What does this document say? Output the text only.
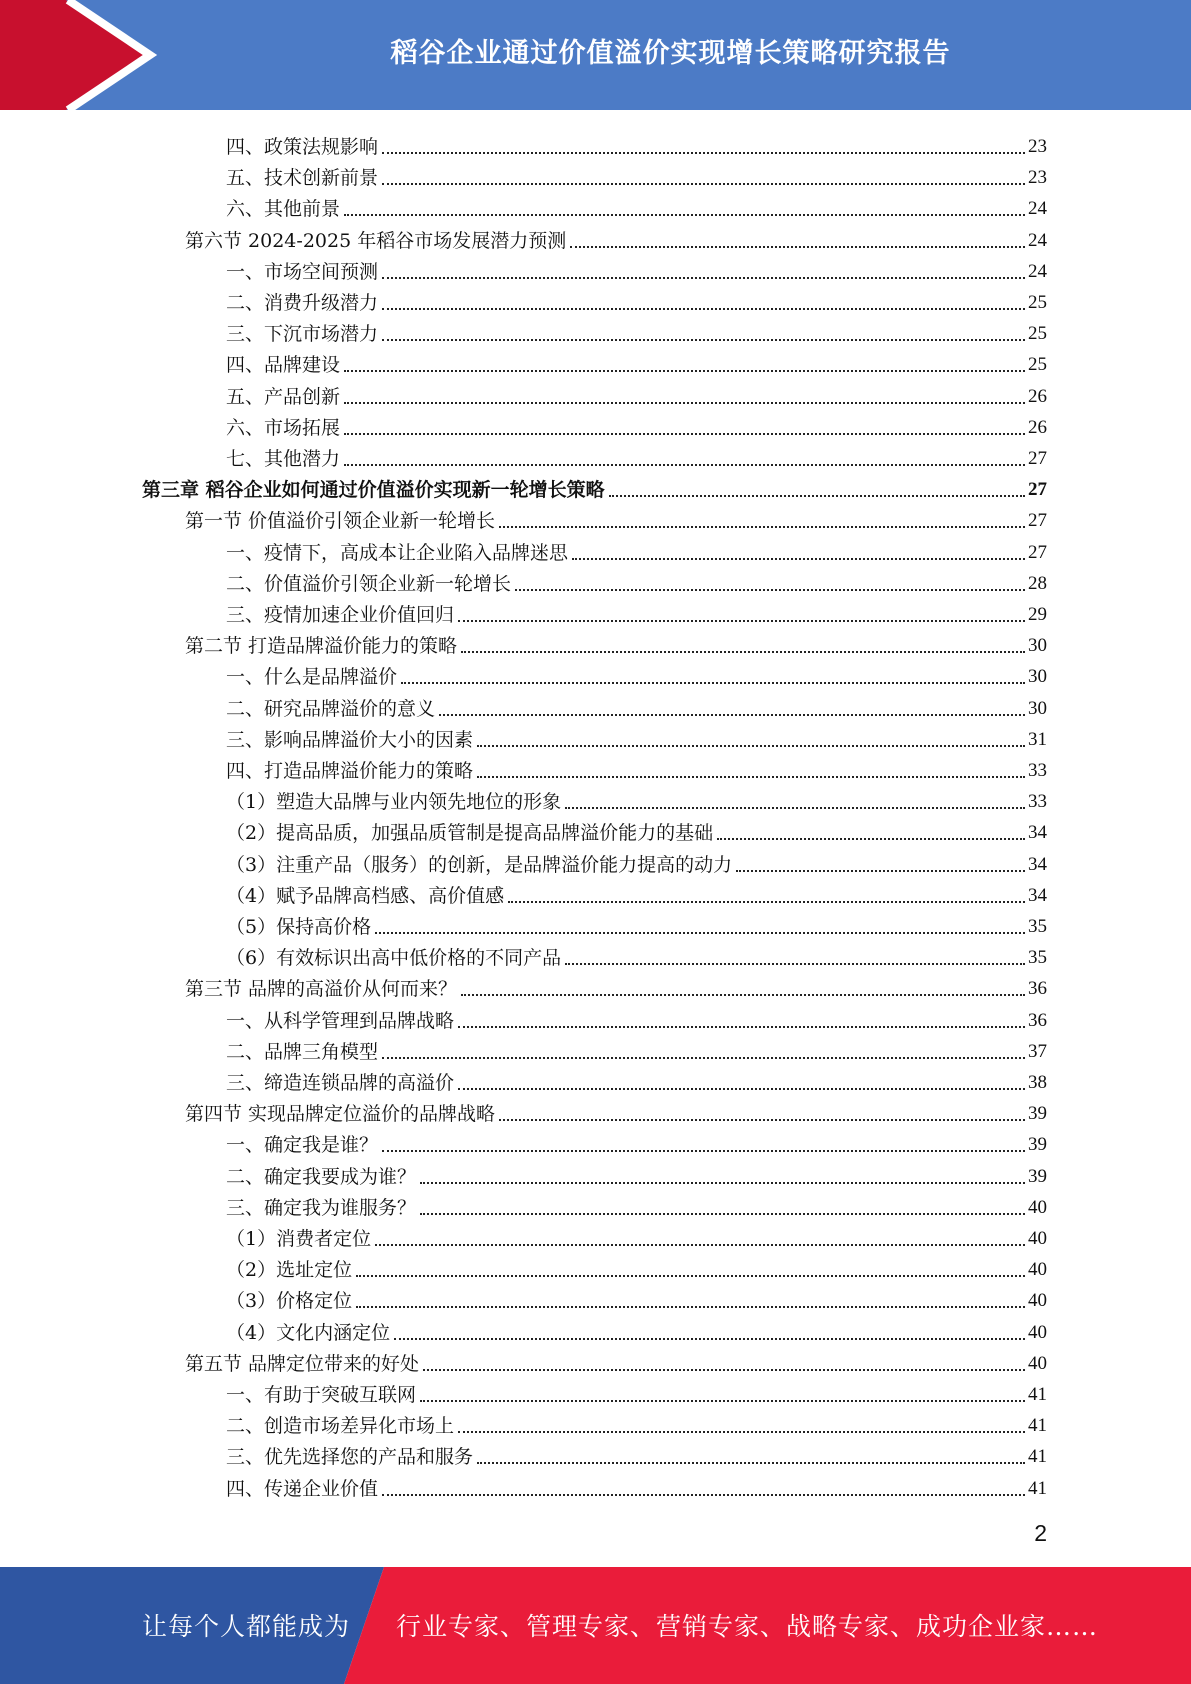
稻谷企业通过价值溢价实现增长策略研究报告
四、政策法规影响	23
五、技术创新前景	23
六、其他前景	24
第六节 2024-2025 年稻谷市场发展潜力预测	24
一、市场空间预测	24
二、消费升级潜力	25
三、下沉市场潜力	25
四、品牌建设	25
五、产品创新	26
六、市场拓展	26
七、其他潜力	27
第三章 稻谷企业如何通过价值溢价实现新一轮增长策略	27
第一节 价值溢价引领企业新一轮增长	27
一、疫情下，高成本让企业陷入品牌迷思	27
二、价值溢价引领企业新一轮增长	28
三、疫情加速企业价值回归	29
第二节 打造品牌溢价能力的策略	30
一、什么是品牌溢价	30
二、研究品牌溢价的意义	30
三、影响品牌溢价大小的因素	31
四、打造品牌溢价能力的策略	33
（1）塑造大品牌与业内领先地位的形象	33
（2）提高品质，加强品质管制是提高品牌溢价能力的基础	34
（3）注重产品（服务）的创新，是品牌溢价能力提高的动力	34
（4）赋予品牌高档感、高价值感	34
（5）保持高价格	35
（6）有效标识出高中低价格的不同产品	35
第三节 品牌的高溢价从何而来？	36
一、从科学管理到品牌战略	36
二、品牌三角模型	37
三、缔造连锁品牌的高溢价	38
第四节 实现品牌定位溢价的品牌战略	39
一、确定我是谁？	39
二、确定我要成为谁？	39
三、确定我为谁服务？	40
（1）消费者定位	40
（2）选址定位	40
（3）价格定位	40
（4）文化内涵定位	40
第五节 品牌定位带来的好处	40
一、有助于突破互联网	41
二、创造市场差异化市场上	41
三、优先选择您的产品和服务	41
四、传递企业价值	41
2
让每个人都能成为 行业专家、管理专家、营销专家、战略专家、成功企业家……
